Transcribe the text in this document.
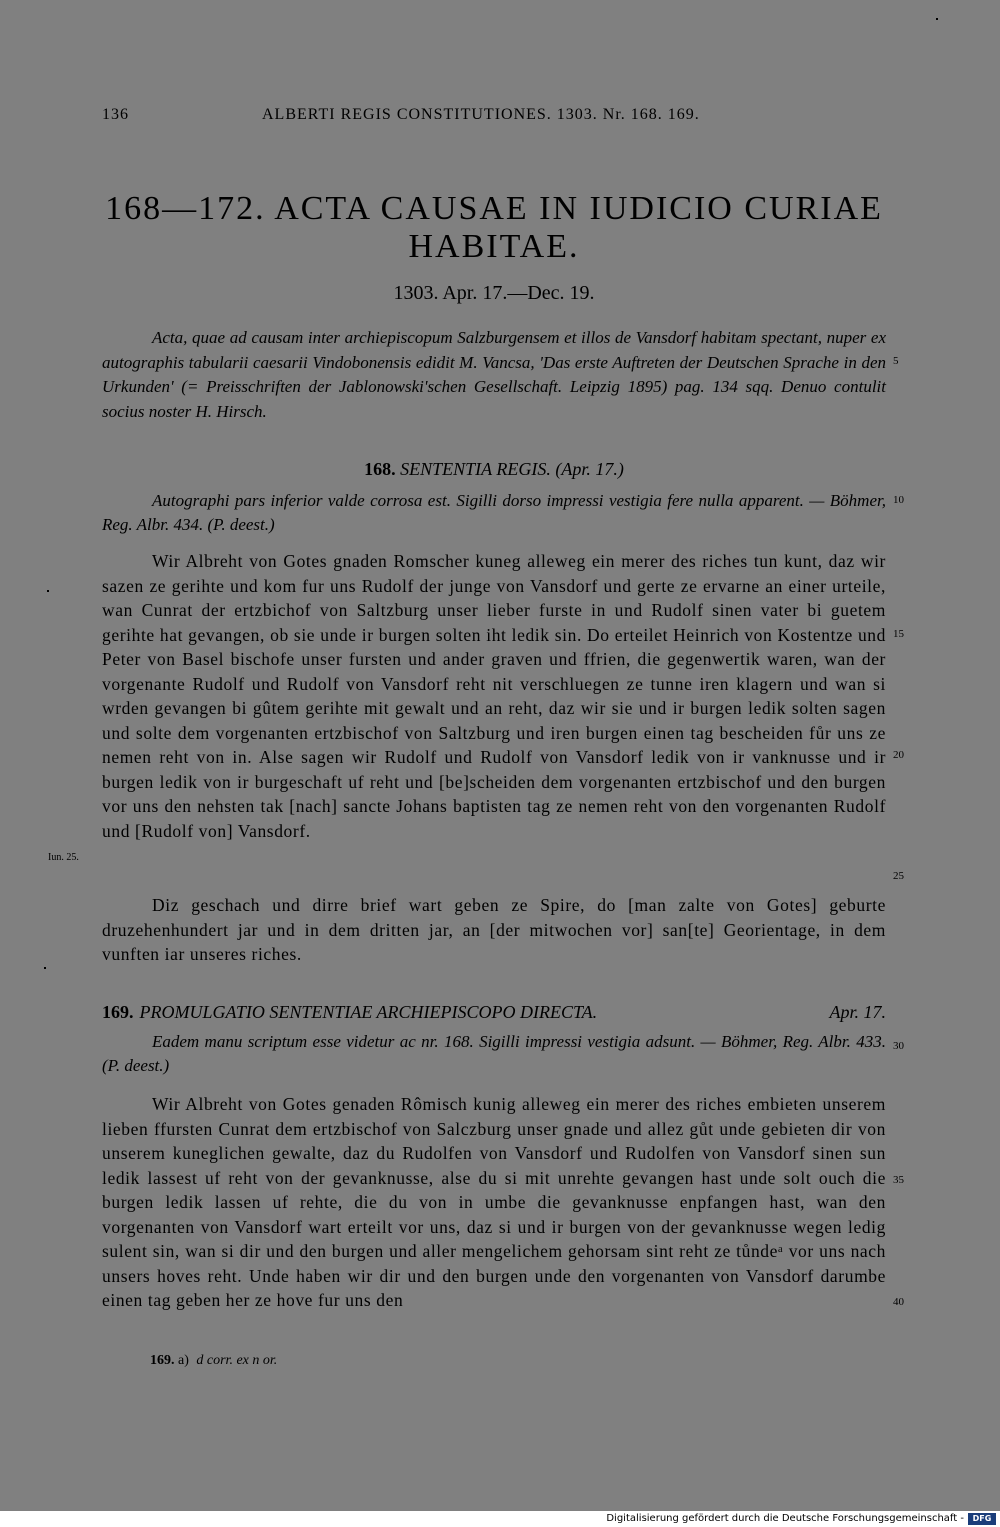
136	ALBERTI REGIS CONSTITUTIONES. 1303. Nr. 168. 169.
168—172. ACTA CAUSAE IN IUDICIO CURIAE HABITAE.
1303. Apr. 17.—Dec. 19.
Acta, quae ad causam inter archiepiscopum Salzburgensem et illos de Vansdorf habitam spectant, nuper ex autographis tabularii caesarii Vindobonensis edidit M. Vancsa, 'Das erste Auftreten der Deutschen Sprache in den Urkunden' (= Preisschriften der Jablonowski'schen Gesellschaft. Leipzig 1895) pag. 134 sqq. Denuo contulit socius noster H. Hirsch.
168. SENTENTIA REGIS. (Apr. 17.)
Autographi pars inferior valde corrosa est. Sigilli dorso impressi vestigia fere nulla apparent. — Böhmer, Reg. Albr. 434. (P. deest.)
Wir Albreht von Gotes gnaden Romscher kuneg alleweg ein merer des riches tun kunt, daz wir sazen ze gerihte und kom fur uns Rudolf der junge von Vansdorf und gerte ze ervarne an einer urteile, wan Cunrat der ertzbichof von Saltzburg unser lieber furste in und Rudolf sinen vater bi guetem gerihte hat gevangen, ob sie unde ir burgen solten iht ledik sin. Do erteilet Heinrich von Kostentze und Peter von Basel bischofe unser fursten und ander graven und ffrien, die gegenwertik waren, wan der vorgenante Rudolf und Rudolf von Vansdorf reht nit verschluegen ze tunne iren klagern und wan si wrden gevangen bi gûtem gerihte mit gewalt und an reht, daz wir sie und ir burgen ledik solten sagen und solte dem vorgenanten ertzbischof von Saltzburg und iren burgen einen tag bescheiden fůr uns ze nemen reht von in. Alse sagen wir Rudolf und Rudolf von Vansdorf ledik von ir vanknusse und ir burgen ledik von ir burgeschaft uf reht und [be]scheiden dem vorgenanten ertzbischof und den burgen vor uns den nehsten tak [nach] sancte Johans baptisten tag ze nemen reht von den vorgenanten Rudolf und [Rudolf von] Vansdorf.
Diz geschach und dirre brief wart geben ze Spire, do [man zalte von Gotes] geburte druzehenhundert jar und in dem dritten jar, an [der mitwochen vor] san[te] Georientage, in dem vunften iar unseres riches.
169. PROMULGATIO SENTENTIAE ARCHIEPISCOPO DIRECTA.	Apr. 17.
Eadem manu scriptum esse videtur ac nr. 168. Sigilli impressi vestigia adsunt. — Böhmer, Reg. Albr. 433. (P. deest.)
Wir Albreht von Gotes genaden Rômisch kunig alleweg ein merer des riches embieten unserem lieben ffursten Cunrat dem ertzbischof von Salczburg unser gnade und allez gůt unde gebieten dir von unserem kuneglichen gewalte, daz du Rudolfen von Vansdorf und Rudolfen von Vansdorf sinen sun ledik lassest uf reht von der gevanknusse, alse du si mit unrehte gevangen hast unde solt ouch die burgen ledik lassen uf rehte, die du von in umbe die gevanknusse enpfangen hast, wan den vorgenanten von Vansdorf wart erteilt vor uns, daz si und ir burgen von der gevanknusse wegen ledig sulent sin, wan si dir und den burgen und aller mengelichem gehorsam sint reht ze tůndeᵃ vor uns nach unsers hoves reht. Unde haben wir dir und den burgen unde den vorgenanten von Vansdorf darumbe einen tag geben her ze hove fur uns den
169. a) d corr. ex n or.
Iun. 25.
5
10
15
20
25
30
35
40
Digitalisierung gefördert durch die Deutsche Forschungsgemeinschaft -	DFG
